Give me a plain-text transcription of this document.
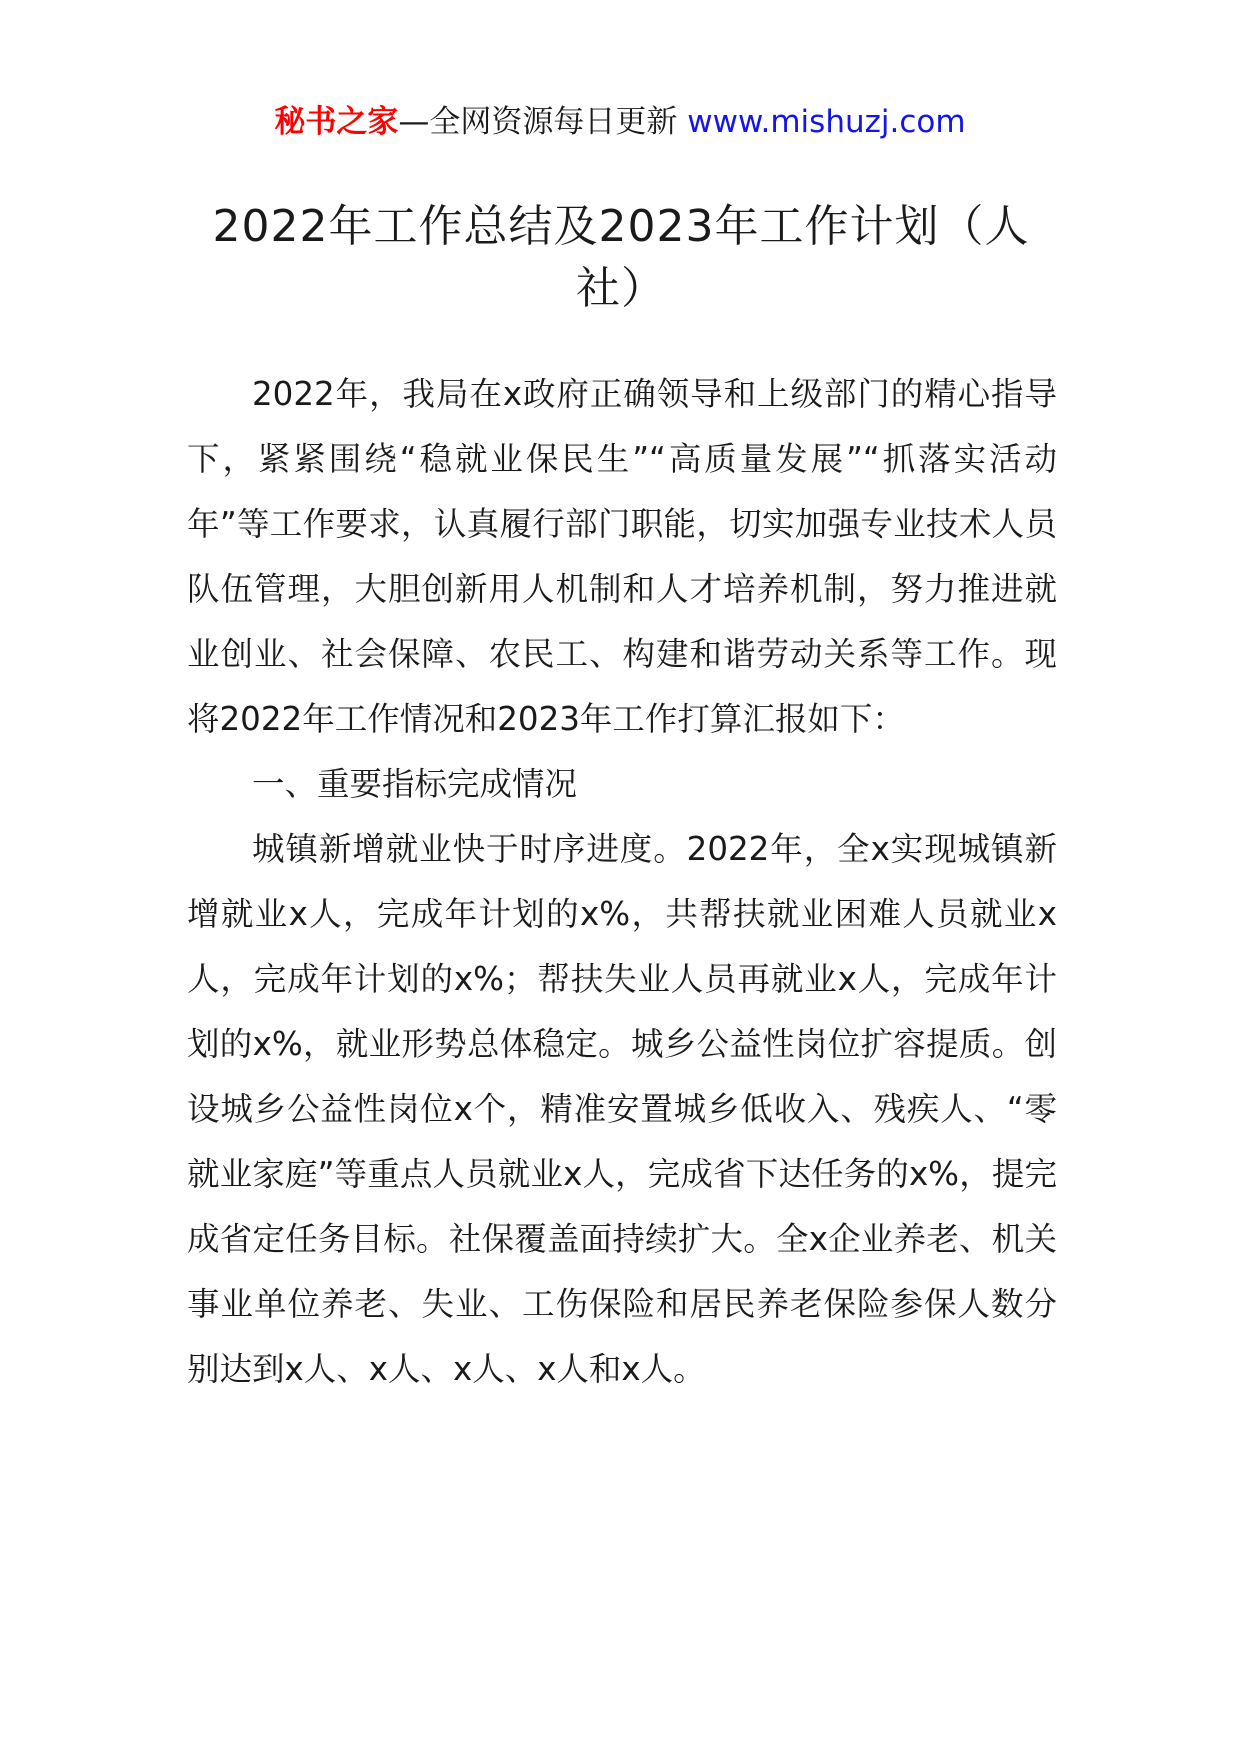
秘书之家—全网资源每日更新 www.mishuzj.com
2022年工作总结及2023年工作计划（人社）

2022年，我局在x政府正确领导和上级部门的精心指导下，紧紧围绕“稳就业保民生”“高质量发展”“抓落实活动年”等工作要求，认真履行部门职能，切实加强专业技术人员队伍管理，大胆创新用人机制和人才培养机制，努力推进就业创业、社会保障、农民工、构建和谐劳动关系等工作。现将2022年工作情况和2023年工作打算汇报如下：

一、重要指标完成情况

城镇新增就业快于时序进度。2022年，全x实现城镇新增就业x人，完成年计划的x%，共帮扶就业困难人员就业x人，完成年计划的x%；帮扶失业人员再就业x人，完成年计划的x%，就业形势总体稳定。城乡公益性岗位扩容提质。创设城乡公益性岗位x个，精准安置城乡低收入、残疾人、“零就业家庭”等重点人员就业x人，完成省下达任务的x%，提完成省定任务目标。社保覆盖面持续扩大。全x企业养老、机关事业单位养老、失业、工伤保险和居民养老保险参保人数分别达到x人、x人、x人、x人和x人。
